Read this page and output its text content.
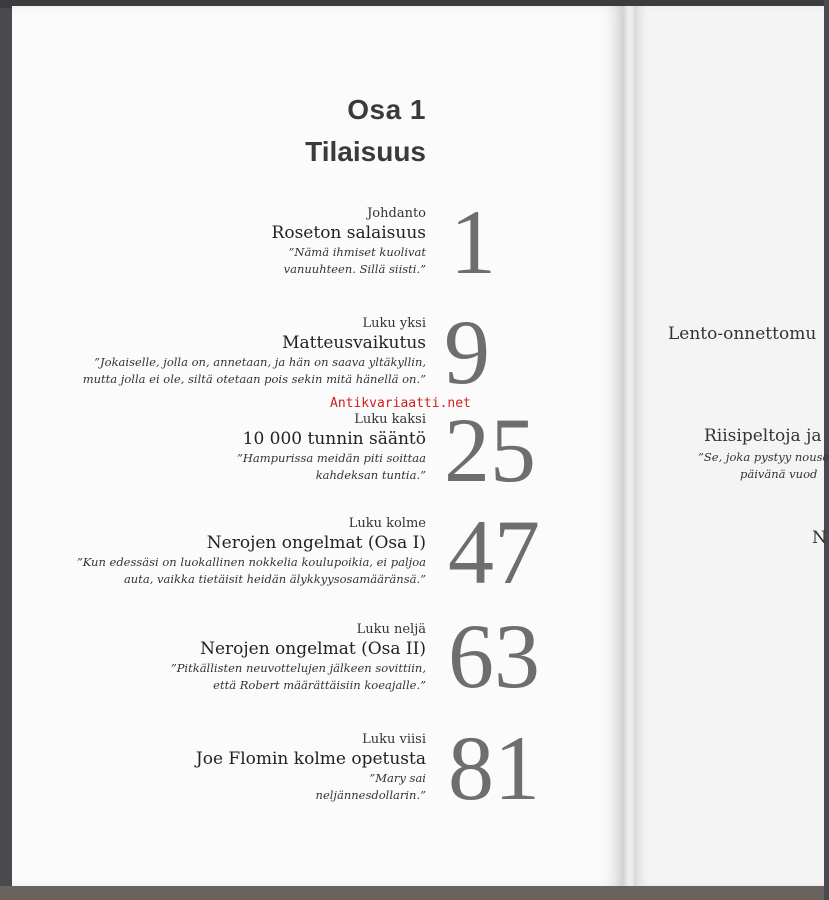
Osa 1
Tilaisuus
Johdanto
Roseton salaisuus
”Nämä ihmiset kuolivat
vanuuhteen. Sillä siisti.” 1
Luku yksi
Matteusvaikutus
”Jokaiselle, jolla on, annetaan, ja hän on saava yltäkyllin,
mutta jolla ei ole, siltä otetaan pois sekin mitä hänellä on.” 9
Luku kaksi
10 000 tunnin sääntö
”Hampurissa meidän piti soittaa
kahdeksan tuntia.” 25
Luku kolme
Nerojen ongelmat (Osa I)
”Kun edessäsi on luokallinen nokkelia koulupoikia, ei paljoa
auta, vaikka tietäisit heidän älykkyysosamääränsä.” 47
Luku neljä
Nerojen ongelmat (Osa II)
”Pitkällisten neuvottelujen jälkeen sovittiin,
että Robert määrättäisiin koeajalle.” 63
Luku viisi
Joe Flomin kolme opetusta
”Mary sai
neljännesdollarin.” 81
Lento-onnettomu
Riisipeltoja ja
”Se, joka pystyy nouse
päivänä vuod
N
Antikvariaatti.net
